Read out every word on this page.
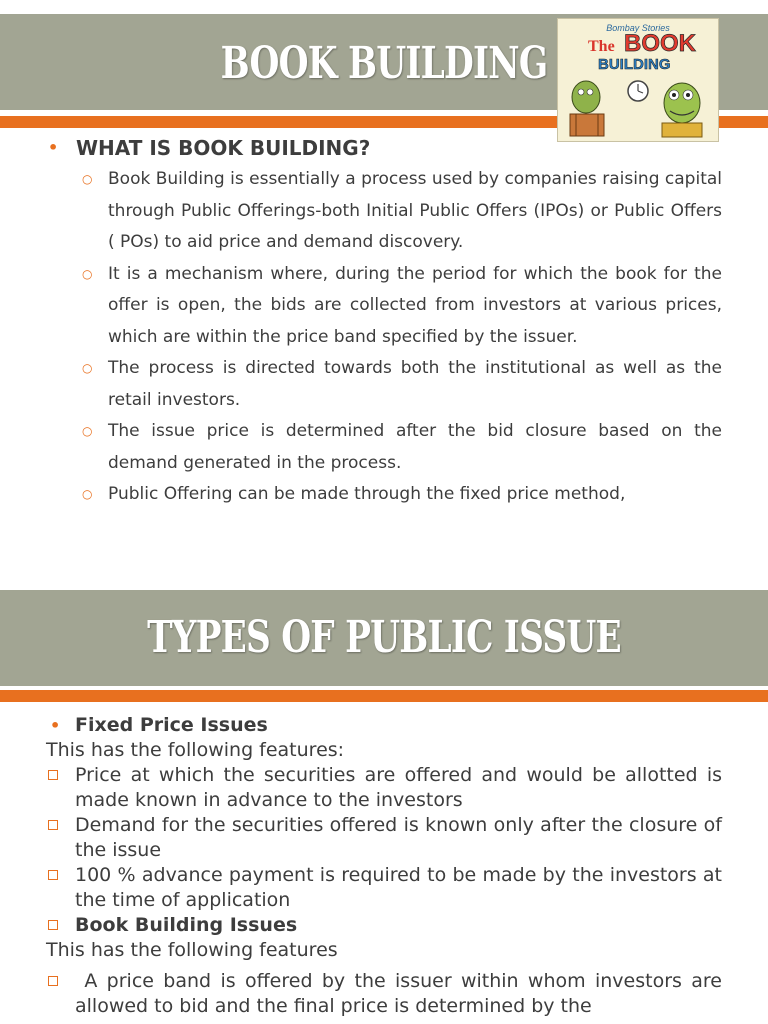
BOOK BUILDING
Bombay Stories
The BOOK
BUILDING
• WHAT IS BOOK BUILDING?
○ Book Building is essentially a process used by companies raising capital through Public Offerings-both Initial Public Offers (IPOs) or Public Offers ( POs) to aid price and demand discovery.
○ It is a mechanism where, during the period for which the book for the offer is open, the bids are collected from investors at various prices, which are within the price band specified by the issuer.
○ The process is directed towards both the institutional as well as the retail investors.
○ The issue price is determined after the bid closure based on the demand generated in the process.
○ Public Offering can be made through the fixed price method,
TYPES OF PUBLIC ISSUE
• Fixed Price Issues
This has the following features:
Price at which the securities are offered and would be allotted is made known in advance to the investors
Demand for the securities offered is known only after the closure of the issue
100 % advance payment is required to be made by the investors at the time of application
Book Building Issues
This has the following features
A price band is offered by the issuer within whom investors are allowed to bid and the final price is determined by the
